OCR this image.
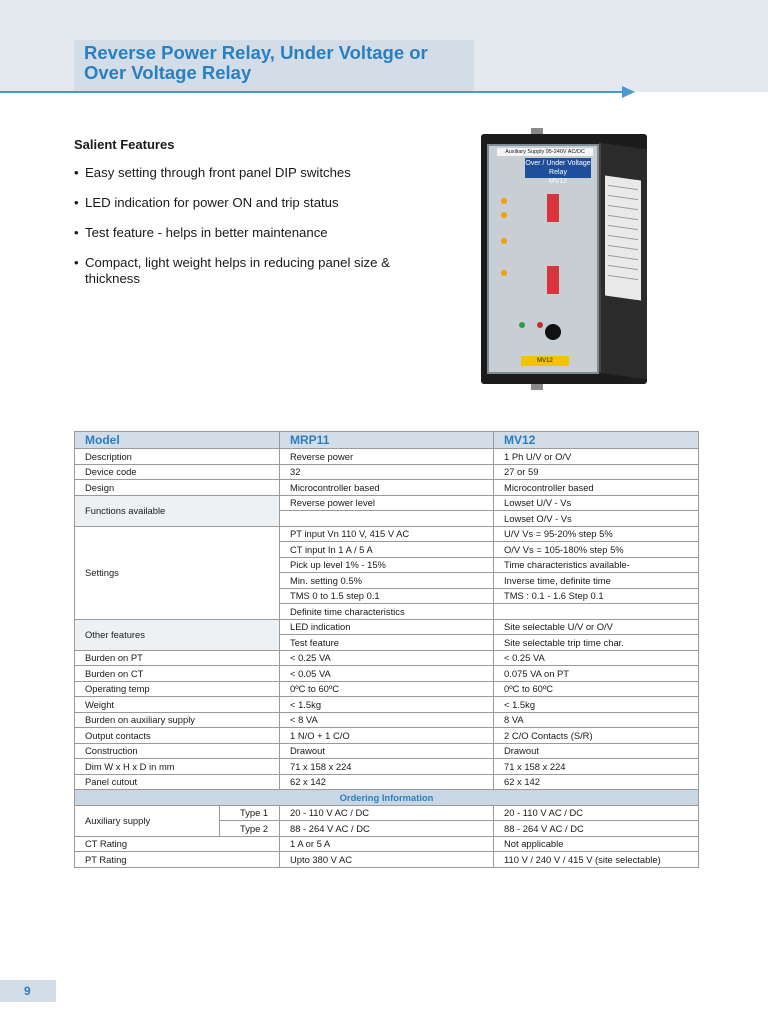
Reverse Power Relay, Under Voltage or
Over Voltage Relay
Salient Features
• Easy setting through front panel DIP switches
• LED indication for power ON and trip status
• Test feature - helps in better maintenance
• Compact, light weight helps in reducing panel size & thickness
Auxiliary Supply 95-240V AC/DC
Over / Under Voltage Relay
MV12
MV12
Model		MRP11	MV12
Description		Reverse power	1 Ph U/V or O/V
Device code		32	27 or 59
Design		Microcontroller based	Microcontroller based
Functions available		Reverse power level	Lowset U/V - Vs
			Lowset O/V - Vs
Settings		PT input Vn 110 V, 415 V AC	U/V Vs = 95-20% step 5%
		CT input In 1 A / 5 A	O/V Vs = 105-180% step 5%
		Pick up level 1% - 15%	Time characteristics available-
		Min. setting 0.5%	Inverse time, definite time
		TMS 0 to 1.5 step 0.1	TMS : 0.1 - 1.6 Step 0.1
		Definite time characteristics	
Other features		LED indication	Site selectable U/V or O/V
		Test feature	Site selectable trip time char.
Burden on PT		< 0.25 VA	< 0.25 VA
Burden on CT		< 0.05 VA	0.075 VA on PT
Operating temp		0ºC to 60ºC	0ºC to 60ºC
Weight		< 1.5kg	< 1.5kg
Burden on auxiliary supply		< 8 VA	8 VA
Output contacts		1 N/O + 1 C/O	2 C/O Contacts (S/R)
Construction		Drawout	Drawout
Dim W x H x D in mm		71 x 158 x 224	71 x 158 x 224
Panel cutout		62 x 142	62 x 142
Ordering Information			
Auxiliary supply	Type 1	20 - 110 V AC / DC	20 - 110 V AC / DC
	Type 2	88 - 264 V AC / DC	88 - 264 V AC / DC
CT Rating		1 A or 5 A	Not applicable
PT Rating		Upto 380 V AC	110 V / 240 V / 415 V (site selectable)
9
